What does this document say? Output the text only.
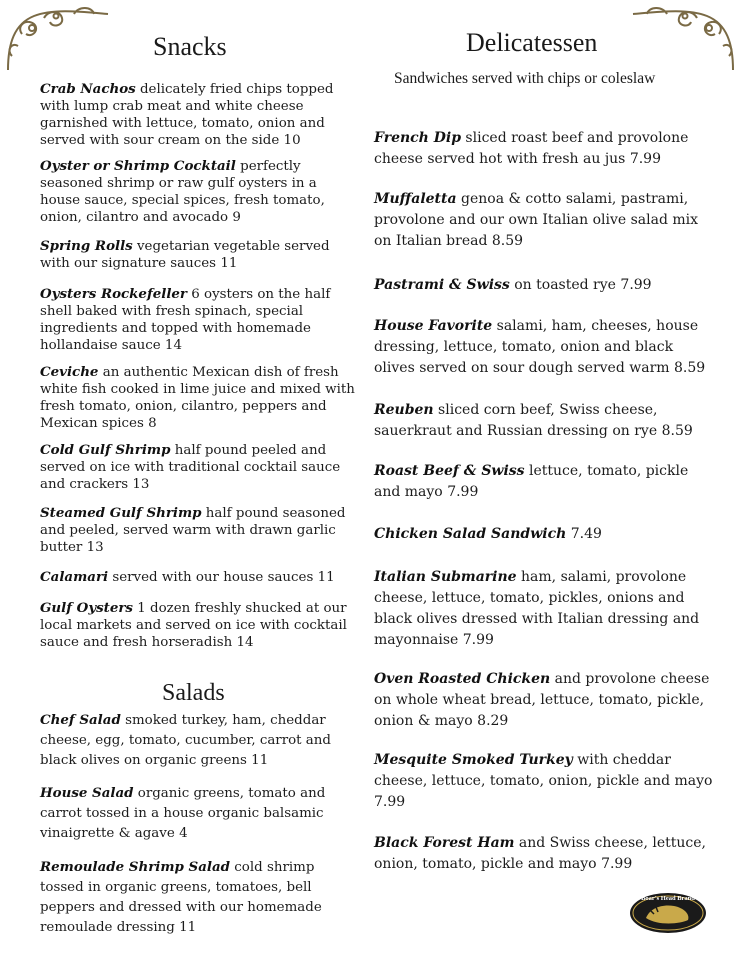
Snacks

Crab Nachos delicately fried chips topped with lump crab meat and white cheese garnished with lettuce, tomato, onion and served with sour cream on the side 10

Oyster or Shrimp Cocktail perfectly seasoned shrimp or raw gulf oysters in a house sauce, special spices, fresh tomato, onion, cilantro and avocado 9

Spring Rolls vegetarian vegetable served with our signature sauces 11

Oysters Rockefeller 6 oysters on the half shell baked with fresh spinach, special ingredients and topped with homemade hollandaise sauce 14

Ceviche an authentic Mexican dish of fresh white fish cooked in lime juice and mixed with fresh tomato, onion, cilantro, peppers and Mexican spices 8

Cold Gulf Shrimp half pound peeled and served on ice with traditional cocktail sauce and crackers 13

Steamed Gulf Shrimp half pound seasoned and peeled, served warm with drawn garlic butter 13

Calamari served with our house sauces 11

Gulf Oysters 1 dozen freshly shucked at our local markets and served on ice with cocktail sauce and fresh horseradish 14

Salads

Chef Salad smoked turkey, ham, cheddar cheese, egg, tomato, cucumber, carrot and black olives on organic greens 11

House Salad organic greens, tomato and carrot tossed in a house organic balsamic vinaigrette & agave 4

Remoulade Shrimp Salad cold shrimp tossed in organic greens, tomatoes, bell peppers and dressed with our homemade remoulade dressing 11

Delicatessen
Sandwiches served with chips or coleslaw

French Dip sliced roast beef and provolone cheese served hot with fresh au jus 7.99

Muffaletta genoa & cotto salami, pastrami, provolone and our own Italian olive salad mix on Italian bread 8.59

Pastrami & Swiss on toasted rye 7.99

House Favorite salami, ham, cheeses, house dressing, lettuce, tomato, onion and black olives served on sour dough served warm 8.59

Reuben sliced corn beef, Swiss cheese, sauerkraut and Russian dressing on rye 8.59

Roast Beef & Swiss lettuce, tomato, pickle and mayo 7.99

Chicken Salad Sandwich 7.49

Italian Submarine ham, salami, provolone cheese, lettuce, tomato, pickles, onions and black olives dressed with Italian dressing and mayonnaise 7.99

Oven Roasted Chicken and provolone cheese on whole wheat bread, lettuce, tomato, pickle, onion & mayo 8.29

Mesquite Smoked Turkey with cheddar cheese, lettuce, tomato, onion, pickle and mayo 7.99

Black Forest Ham and Swiss cheese, lettuce, onion, tomato, pickle and mayo 7.99

Boar's Head Brand
